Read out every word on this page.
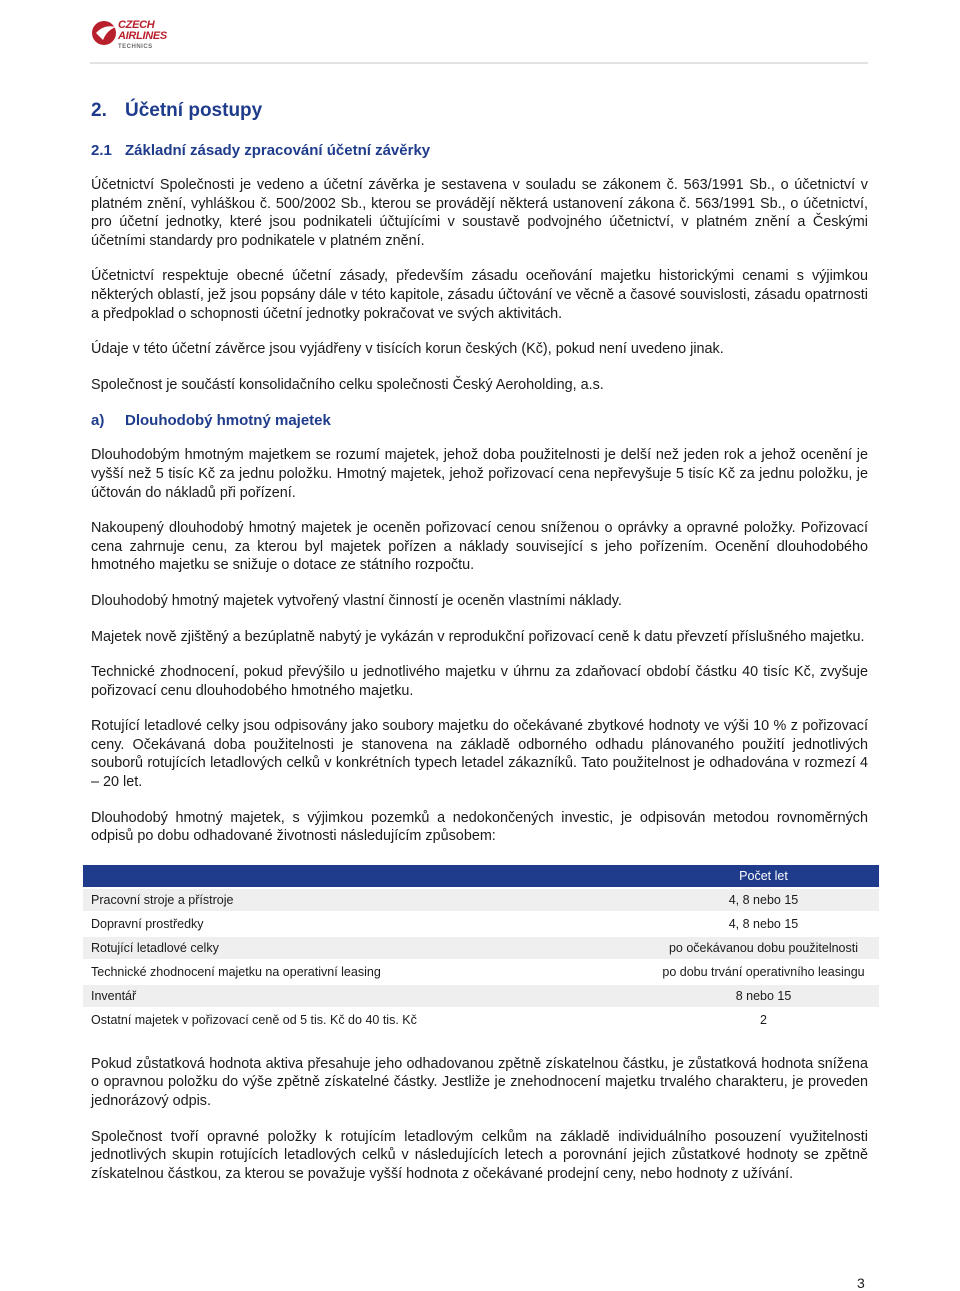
CZECH AIRLINES
TECHNICS
2. Účetní postupy
2.1 Základní zásady zpracování účetní závěrky

Účetnictví Společnosti je vedeno a účetní závěrka je sestavena v souladu se zákonem č. 563/1991 Sb., o účetnictví v platném znění, vyhláškou č. 500/2002 Sb., kterou se provádějí některá ustanovení zákona č. 563/1991 Sb., o účetnictví, pro účetní jednotky, které jsou podnikateli účtujícími v soustavě podvojného účetnictví, v platném znění a Českými účetními standardy pro podnikatele v platném znění.

Účetnictví respektuje obecné účetní zásady, především zásadu oceňování majetku historickými cenami s výjimkou některých oblastí, jež jsou popsány dále v této kapitole, zásadu účtování ve věcně a časové souvislosti, zásadu opatrnosti a předpoklad o schopnosti účetní jednotky pokračovat ve svých aktivitách.

Údaje v této účetní závěrce jsou vyjádřeny v tisících korun českých (Kč), pokud není uvedeno jinak.

Společnost je součástí konsolidačního celku společnosti Český Aeroholding, a.s.

a) Dlouhodobý hmotný majetek

Dlouhodobým hmotným majetkem se rozumí majetek, jehož doba použitelnosti je delší než jeden rok a jehož ocenění je vyšší než 5 tisíc Kč za jednu položku. Hmotný majetek, jehož pořizovací cena nepřevyšuje 5 tisíc Kč za jednu položku, je účtován do nákladů při pořízení.

Nakoupený dlouhodobý hmotný majetek je oceněn pořizovací cenou sníženou o oprávky a opravné položky. Pořizovací cena zahrnuje cenu, za kterou byl majetek pořízen a náklady související s jeho pořízením. Ocenění dlouhodobého hmotného majetku se snižuje o dotace ze státního rozpočtu.

Dlouhodobý hmotný majetek vytvořený vlastní činností je oceněn vlastními náklady.

Majetek nově zjištěný a bezúplatně nabytý je vykázán v reprodukční pořizovací ceně k datu převzetí příslušného majetku.

Technické zhodnocení, pokud převýšilo u jednotlivého majetku v úhrnu za zdaňovací období částku 40 tisíc Kč, zvyšuje pořizovací cenu dlouhodobého hmotného majetku.

Rotující letadlové celky jsou odpisovány jako soubory majetku do očekávané zbytkové hodnoty ve výši 10 % z pořizovací ceny. Očekávaná doba použitelnosti je stanovena na základě odborného odhadu plánovaného použití jednotlivých souborů rotujících letadlových celků v konkrétních typech letadel zákazníků. Tato použitelnost je odhadována v rozmezí 4 – 20 let.

Dlouhodobý hmotný majetek, s výjimkou pozemků a nedokončených investic, je odpisován metodou rovnoměrných odpisů po dobu odhadované životnosti následujícím způsobem:

	Počet let
Pracovní stroje a přístroje	4, 8 nebo 15
Dopravní prostředky	4, 8 nebo 15
Rotující letadlové celky	po očekávanou dobu použitelnosti
Technické zhodnocení majetku na operativní leasing	po dobu trvání operativního leasingu
Inventář	8 nebo 15
Ostatní majetek v pořizovací ceně od 5 tis. Kč do 40 tis. Kč	2

Pokud zůstatková hodnota aktiva přesahuje jeho odhadovanou zpětně získatelnou částku, je zůstatková hodnota snížena o opravnou položku do výše zpětně získatelné částky. Jestliže je znehodnocení majetku trvalého charakteru, je proveden jednorázový odpis.

Společnost tvoří opravné položky k rotujícím letadlovým celkům na základě individuálního posouzení využitelnosti jednotlivých skupin rotujících letadlových celků v následujících letech a porovnání jejich zůstatkové hodnoty se zpětně získatelnou částkou, za kterou se považuje vyšší hodnota z očekávané prodejní ceny, nebo hodnoty z užívání.

3
